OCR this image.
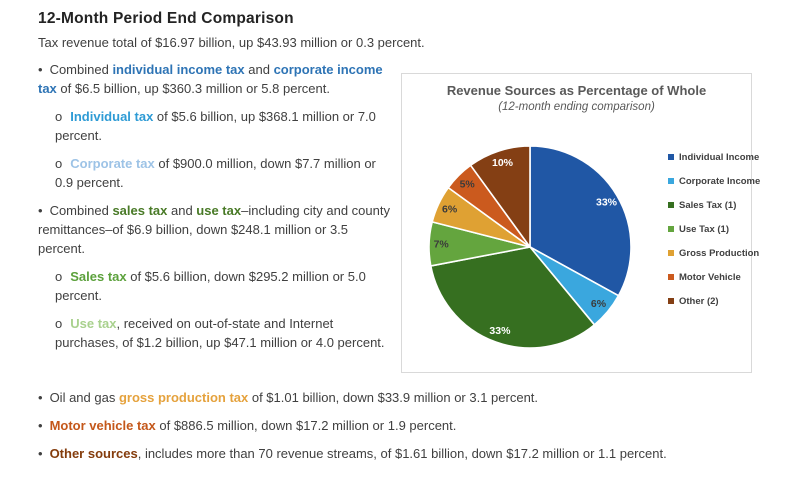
12-Month Period End Comparison

Tax revenue total of $16.97 billion, up $43.93 million or 0.3 percent.

• Combined individual income tax and corporate income tax of $6.5 billion, up $360.3 million or 5.8 percent.

o Individual tax of $5.6 billion, up $368.1 million or 7.0 percent.

o Corporate tax of $900.0 million, down $7.7 million or 0.9 percent.

• Combined sales tax and use tax–including city and county remittances–of $6.9 billion, down $248.1 million or 3.5 percent.

o Sales tax of $5.6 billion, down $295.2 million or 5.0 percent.

o Use tax, received on out-of-state and Internet purchases, of $1.2 billion, up $47.1 million or 4.0 percent.

Revenue Sources as Percentage of Whole
(12-month ending comparison)
33%
6%
33%
7%
6%
5%
10%	Individual Income
Corporate Income
Sales Tax (1)
Use Tax (1)
Gross Production
Motor Vehicle
Other (2)

• Oil and gas gross production tax of $1.01 billion, down $33.9 million or 3.1 percent.

• Motor vehicle tax of $886.5 million, down $17.2 million or 1.9 percent.

• Other sources, includes more than 70 revenue streams, of $1.61 billion, down $17.2 million or 1.1 percent.
